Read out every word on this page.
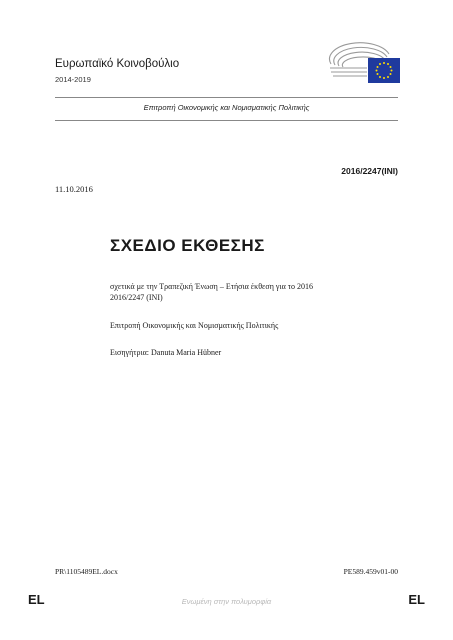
Ευρωπαϊκό Κοινοβούλιο
2014-2019
Επιτροπή Οικονομικής και Νομισματικής Πολιτικής
2016/2247(INI)
11.10.2016
ΣΧΕΔΙΟ ΕΚΘΕΣΗΣ
σχετικά με την Τραπεζική Ένωση – Ετήσια έκθεση για το 2016
2016/2247 (INI)
Επιτροπή Οικονομικής και Νομισματικής Πολιτικής
Εισηγήτρια: Danuta Maria Hübner
PR\1105489EL.docx	PE589.459v01-00
EL	Ενωμένη στην πολυμορφία	EL
